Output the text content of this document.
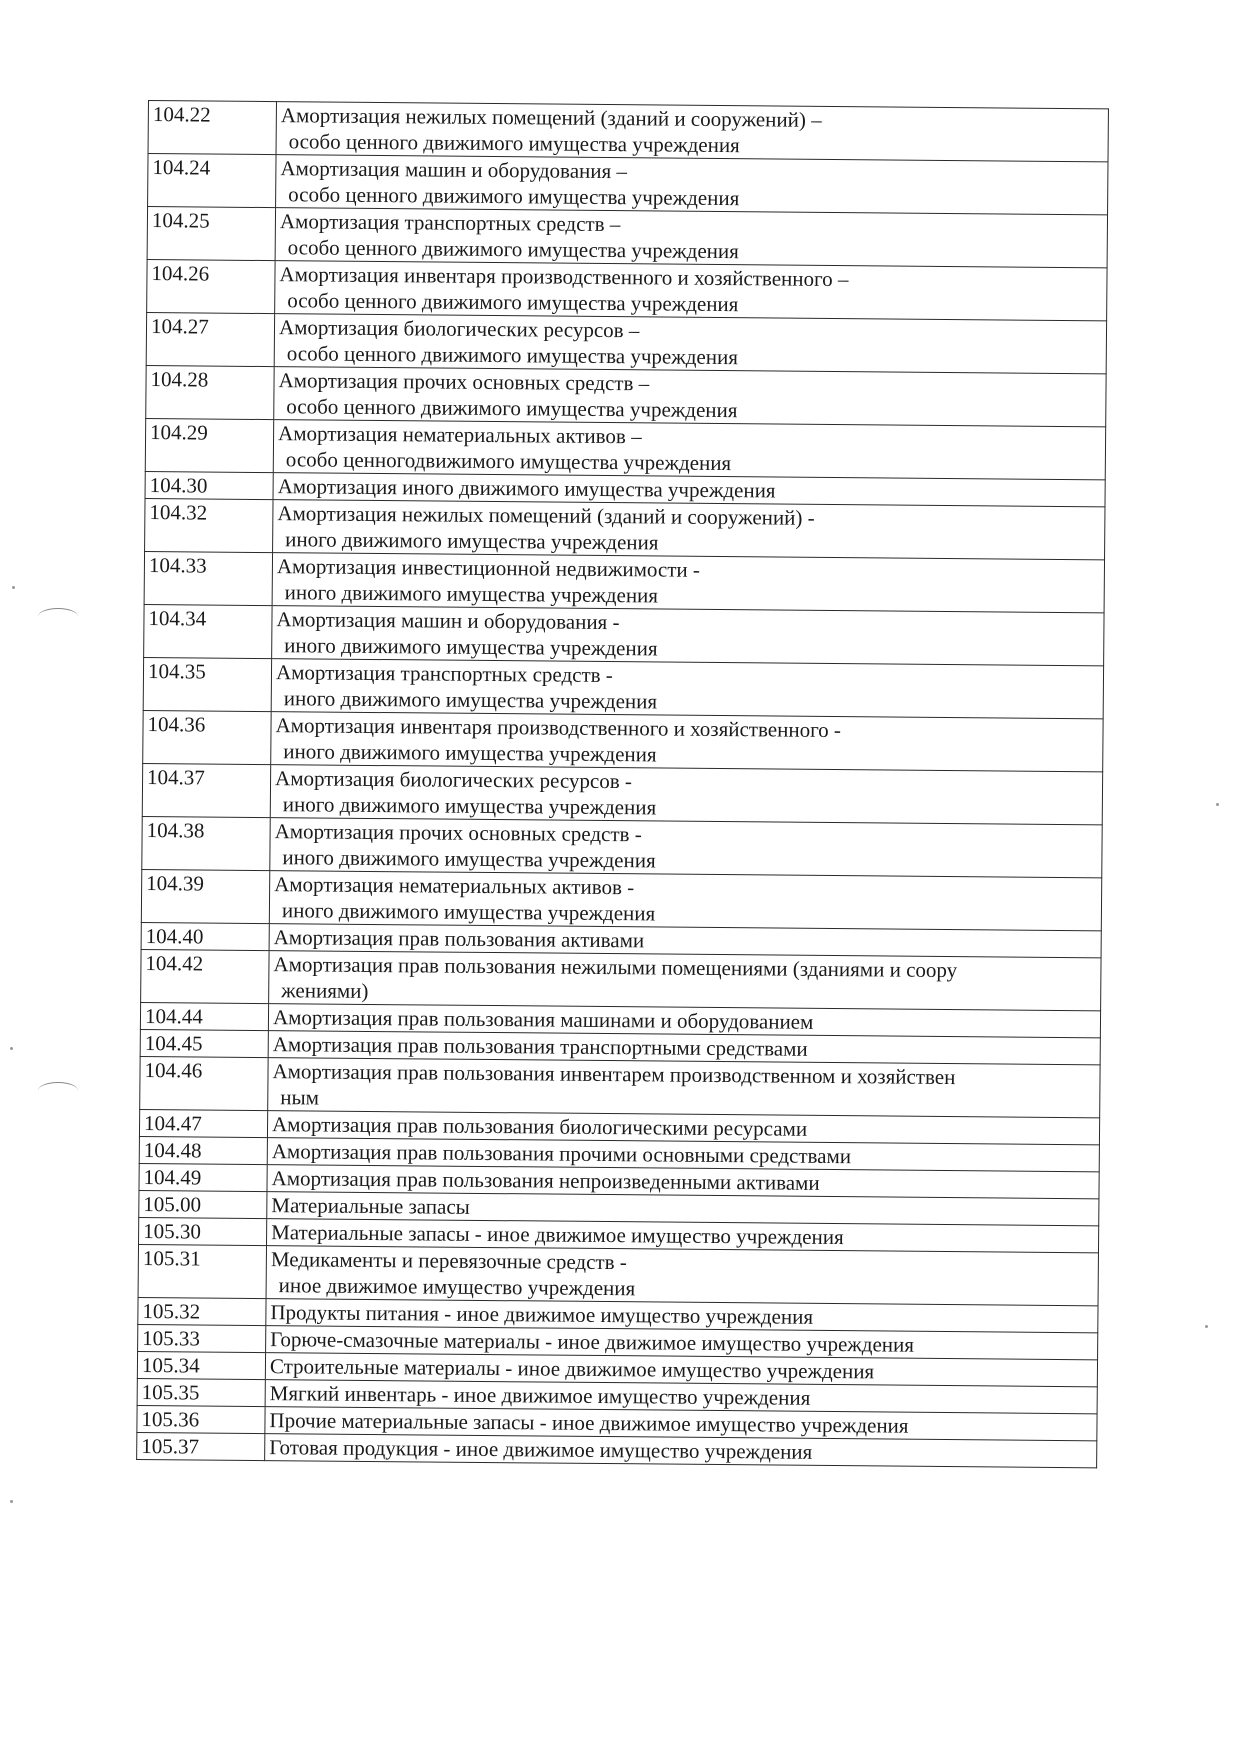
104.22	Амортизация нежилых помещений (зданий и сооружений) –
особо ценного движимого имущества учреждения

104.24	Амортизация машин и оборудования –
особо ценного движимого имущества учреждения

104.25	Амортизация транспортных средств –
особо ценного движимого имущества учреждения

104.26	Амортизация инвентаря производственного и хозяйственного –
особо ценного движимого имущества учреждения

104.27	Амортизация биологических ресурсов –
особо ценного движимого имущества учреждения

104.28	Амортизация прочих основных средств –
особо ценного движимого имущества учреждения

104.29	Амортизация нематериальных активов –
особо ценногодвижимого имущества учреждения

104.30	Амортизация иного движимого имущества учреждения

104.32	Амортизация нежилых помещений (зданий и сооружений) -
иного движимого имущества учреждения

104.33	Амортизация инвестиционной недвижимости -
иного движимого имущества учреждения

104.34	Амортизация машин и оборудования -
иного движимого имущества учреждения

104.35	Амортизация транспортных средств -
иного движимого имущества учреждения

104.36	Амортизация инвентаря производственного и хозяйственного -
иного движимого имущества учреждения

104.37	Амортизация биологических ресурсов -
иного движимого имущества учреждения

104.38	Амортизация прочих основных средств -
иного движимого имущества учреждения

104.39	Амортизация нематериальных активов -
иного движимого имущества учреждения

104.40	Амортизация прав пользования активами

104.42	Амортизация прав пользования нежилыми помещениями (зданиями и соору
жениями)

104.44	Амортизация прав пользования машинами и оборудованием

104.45	Амортизация прав пользования транспортными средствами

104.46	Амортизация прав пользования инвентарем производственном и хозяйствен
ным

104.47	Амортизация прав пользования биологическими ресурсами

104.48	Амортизация прав пользования прочими основными средствами

104.49	Амортизация прав пользования непроизведенными активами

105.00	Материальные запасы

105.30	Материальные запасы - иное движимое имущество учреждения

105.31	Медикаменты и перевязочные средств -
иное движимое имущество учреждения

105.32	Продукты питания - иное движимое имущество учреждения

105.33	Горюче-смазочные материалы - иное движимое имущество учреждения

105.34	Строительные материалы - иное движимое имущество учреждения

105.35	Мягкий инвентарь - иное движимое имущество учреждения

105.36	Прочие материальные запасы - иное движимое имущество учреждения

105.37	Готовая продукция - иное движимое имущество учреждения
